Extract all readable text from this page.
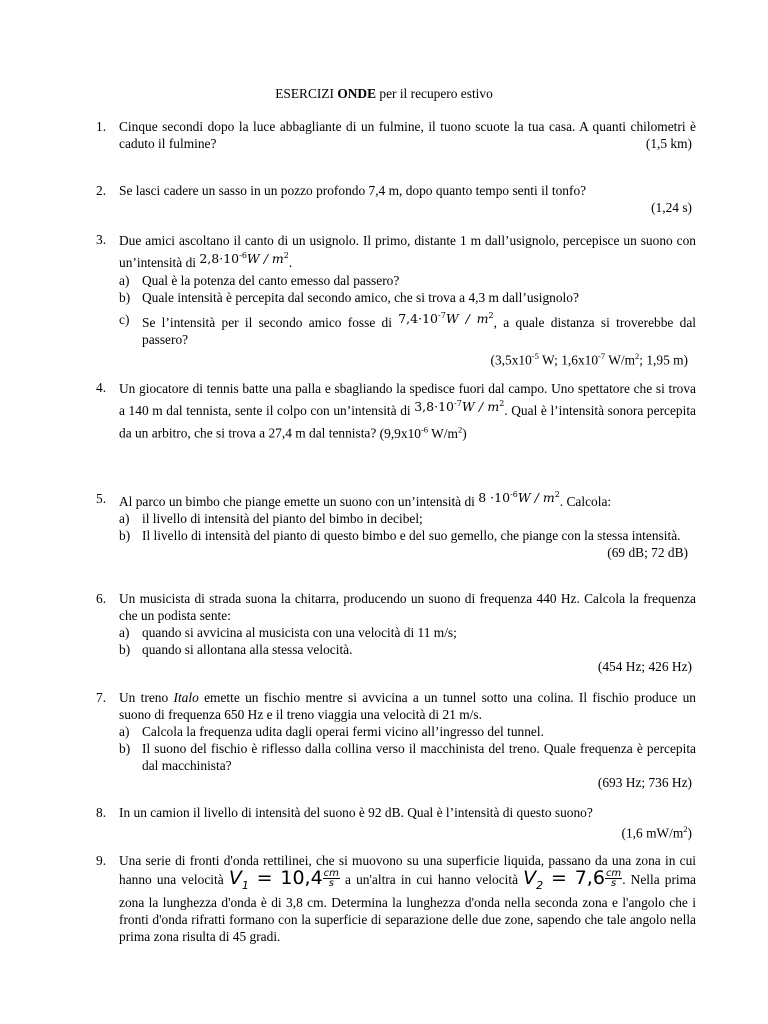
ESERCIZI ONDE per il recupero estivo
1. Cinque secondi dopo la luce abbagliante di un fulmine, il tuono scuote la tua casa. A quanti chilometri è caduto il fulmine?	(1,5 km)
2. Se lasci cadere un sasso in un pozzo profondo 7,4 m, dopo quanto tempo senti il tonfo?
(1,24 s)
3. Due amici ascoltano il canto di un usignolo. Il primo, distante 1 m dall’usignolo, percepisce un suono con un’intensità di $2,8\cdot 10^{-6}W / m^2$.
a) Qual è la potenza del canto emesso dal passero?
b) Quale intensità è percepita dal secondo amico, che si trova a 4,3 m dall’usignolo?
c) Se l’intensità per il secondo amico fosse di $7,4\cdot 10^{-7}W / m^2$, a quale distanza si troverebbe dal passero?
($3,5x10^{-5}$ W; $1,6x10^{-7}$ $W/m^2$; 1,95 m)
4. Un giocatore di tennis batte una palla e sbagliando la spedisce fuori dal campo. Uno spettatore che si trova a 140 m dal tennista, sente il colpo con un’intensità di $3,8\cdot 10^{-7}W / m^2$. Qual è l’intensità sonora percepita da un arbitro, che si trova a 27,4 m dal tennista? ($9,9x10^{-6}$ $W/m^2$)
5. Al parco un bimbo che piange emette un suono con un’intensità di $8 \cdot 10^{-6}W / m^2$. Calcola:
a) il livello di intensità del pianto del bimbo in decibel;
b) Il livello di intensità del pianto di questo bimbo e del suo gemello, che piange con la stessa intensità.
(69 dB; 72 dB)
6. Un musicista di strada suona la chitarra, producendo un suono di frequenza 440 Hz. Calcola la frequenza che un podista sente:
a) quando si avvicina al musicista con una velocità di 11 m/s;
b) quando si allontana alla stessa velocità.
(454 Hz; 426 Hz)
7. Un treno Italo emette un fischio mentre si avvicina a un tunnel sotto una colina. Il fischio produce un suono di frequenza 650 Hz e il treno viaggia una velocità di 21 m/s.
a) Calcola la frequenza udita dagli operai fermi vicino all’ingresso del tunnel.
b) Il suono del fischio è riflesso dalla collina verso il macchinista del treno. Quale frequenza è percepita dal macchinista?
(693 Hz; 736 Hz)
8. In un camion il livello di intensità del suono è 92 dB. Qual è l’intensità di questo suono?
(1,6 $mW/m^2$)
9. Una serie di fronti d'onda rettilinei, che si muovono su una superficie liquida, passano da una zona in cui hanno una velocità $V_1 = 10,4 \frac{cm}{s}$ a un'altra in cui hanno velocità $V_2 = 7,6 \frac{cm}{s}$ . Nella prima zona la lunghezza d'onda è di 3,8 cm. Determina la lunghezza d'onda nella seconda zona e l'angolo che i fronti d'onda rifratti formano con la superficie di separazione delle due zone, sapendo che tale angolo nella prima zona risulta di 45 gradi.
